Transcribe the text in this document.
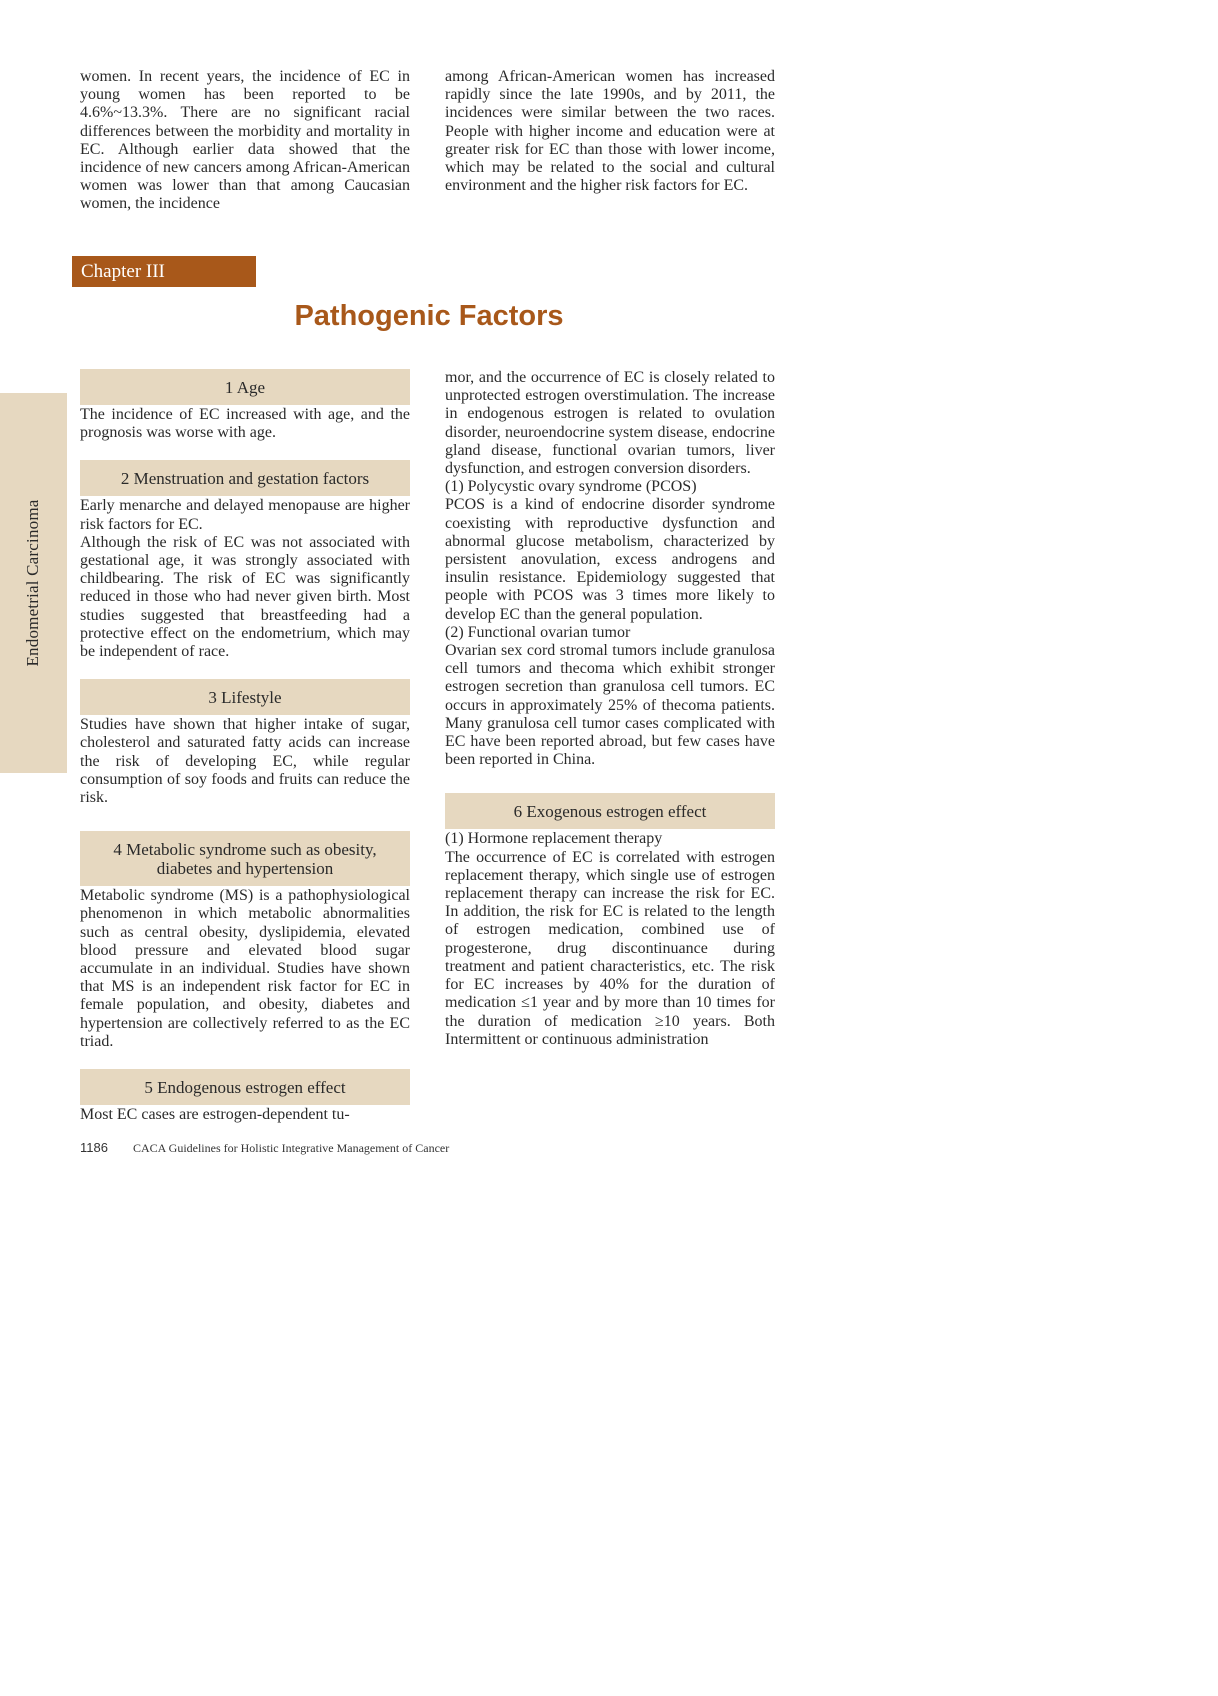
women. In recent years, the incidence of EC in young women has been reported to be 4.6%~13.3%. There are no significant racial differences between the morbidity and mortality in EC. Although earlier data showed that the incidence of new cancers among African-American women was lower than that among Caucasian women, the incidence

among African-American women has increased rapidly since the late 1990s, and by 2011, the incidences were similar between the two races. People with higher income and education were at greater risk for EC than those with lower income, which may be related to the social and cultural environment and the higher risk factors for EC.

Chapter III
Pathogenic Factors
Endometrial Carcinoma
1 Age

The incidence of EC increased with age, and the prognosis was worse with age.

2 Menstruation and gestation factors

Early menarche and delayed menopause are higher risk factors for EC.

Although the risk of EC was not associated with gestational age, it was strongly associated with childbearing. The risk of EC was significantly reduced in those who had never given birth. Most studies suggested that breastfeeding had a protective effect on the endometrium, which may be independent of race.

3 Lifestyle

Studies have shown that higher intake of sugar, cholesterol and saturated fatty acids can increase the risk of developing EC, while regular consumption of soy foods and fruits can reduce the risk.

4 Metabolic syndrome such as obesity,
diabetes and hypertension

Metabolic syndrome (MS) is a pathophysiological phenomenon in which metabolic abnormalities such as central obesity, dyslipidemia, elevated blood pressure and elevated blood sugar accumulate in an individual. Studies have shown that MS is an independent risk factor for EC in female population, and obesity, diabetes and hypertension are collectively referred to as the EC triad.

5 Endogenous estrogen effect

Most EC cases are estrogen-dependent tu-

mor, and the occurrence of EC is closely related to unprotected estrogen overstimulation. The increase in endogenous estrogen is related to ovulation disorder, neuroendocrine system disease, endocrine gland disease, functional ovarian tumors, liver dysfunction, and estrogen conversion disorders.

(1) Polycystic ovary syndrome (PCOS)

PCOS is a kind of endocrine disorder syndrome coexisting with reproductive dysfunction and abnormal glucose metabolism, characterized by persistent anovulation, excess androgens and insulin resistance. Epidemiology suggested that people with PCOS was 3 times more likely to develop EC than the general population.

(2) Functional ovarian tumor

Ovarian sex cord stromal tumors include granulosa cell tumors and thecoma which exhibit stronger estrogen secretion than granulosa cell tumors. EC occurs in approximately 25% of thecoma patients. Many granulosa cell tumor cases complicated with EC have been reported abroad, but few cases have been reported in China.

6 Exogenous estrogen effect

(1) Hormone replacement therapy

The occurrence of EC is correlated with estrogen replacement therapy, which single use of estrogen replacement therapy can increase the risk for EC. In addition, the risk for EC is related to the length of estrogen medication, combined use of progesterone, drug discontinuance during treatment and patient characteristics, etc. The risk for EC increases by 40% for the duration of medication ≤1 year and by more than 10 times for the duration of medication ≥10 years. Both Intermittent or continuous administration

1186 CACA Guidelines for Holistic Integrative Management of Cancer
